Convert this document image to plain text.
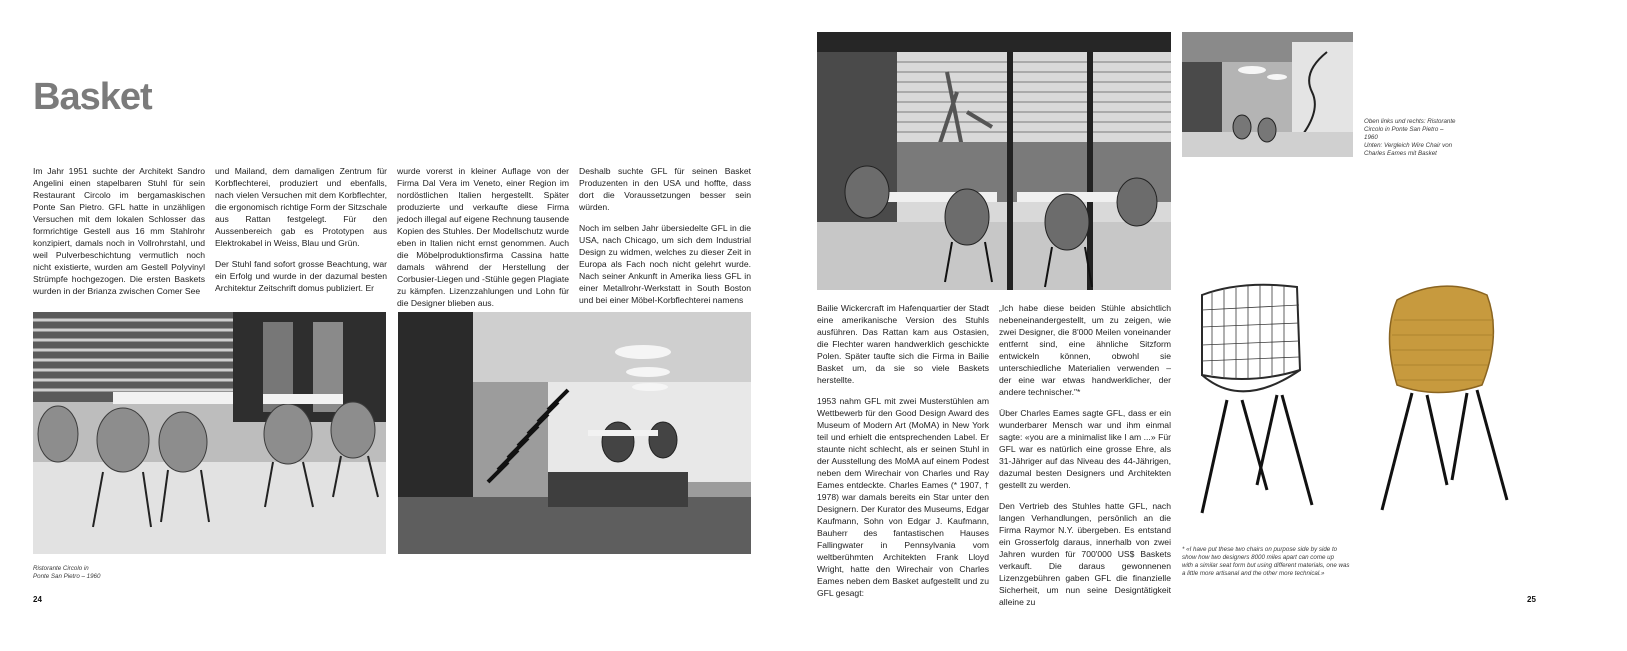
Basket

Im Jahr 1951 suchte der Architekt Sandro Angelini einen stapelbaren Stuhl für sein Restaurant Circolo im bergamaskischen Ponte San Pietro. GFL hatte in unzähligen Versuchen mit dem lokalen Schlosser das formrichtige Gestell aus 16 mm Stahlrohr konzipiert, damals noch in Vollrohrstahl, und weil Pulverbeschichtung vermutlich noch nicht existierte, wurden am Gestell Polyvinyl Strümpfe hochgezogen. Die ersten Baskets wurden in der Brianza zwischen Comer See

und Mailand, dem damaligen Zentrum für Korbflechterei, produziert und ebenfalls, nach vielen Versuchen mit dem Korbflechter, die ergonomisch richtige Form der Sitzschale aus Rattan festgelegt. Für den Aussenbereich gab es Prototypen aus Elektrokabel in Weiss, Blau und Grün.

Der Stuhl fand sofort grosse Beachtung, war ein Erfolg und wurde in der dazumal besten Architektur Zeitschrift domus publiziert. Er

wurde vorerst in kleiner Auflage von der Firma Dal Vera im Veneto, einer Region im nordöstlichen Italien hergestellt. Später produzierte und verkaufte diese Firma jedoch illegal auf eigene Rechnung tausende Kopien des Stuhles. Der Modellschutz wurde eben in Italien nicht ernst genommen. Auch die Möbelproduktionsfirma Cassina hatte damals während der Herstellung der Corbusier-Liegen und -Stühle gegen Plagiate zu kämpfen. Lizenzzahlungen und Lohn für die Designer blieben aus.

Deshalb suchte GFL für seinen Basket Produzenten in den USA und hoffte, dass dort die Voraussetzungen besser sein würden.

Noch im selben Jahr übersiedelte GFL in die USA, nach Chicago, um sich dem Industrial Design zu widmen, welches zu dieser Zeit in Europa als Fach noch nicht gelehrt wurde. Nach seiner Ankunft in Amerika liess GFL in einer Metallrohr-Werkstatt in South Boston und bei einer Möbel-Korbflechterei namens

Ristorante Circolo in
Ponte San Pietro – 1960
24
Oben links und rechts: Ristorante
Circolo in Ponte San Pietro –
1960
Unten: Vergleich Wire Chair von
Charles Eames mit Basket

Bailie Wickercraft im Hafenquartier der Stadt eine amerikanische Version des Stuhls ausführen. Das Rattan kam aus Ostasien, die Flechter waren handwerklich geschickte Polen. Später taufte sich die Firma in Bailie Basket um, da sie so viele Baskets herstellte.

1953 nahm GFL mit zwei Musterstühlen am Wettbewerb für den Good Design Award des Museum of Modern Art (MoMA) in New York teil und erhielt die entsprechenden Label. Er staunte nicht schlecht, als er seinen Stuhl in der Ausstellung des MoMA auf einem Podest neben dem Wirechair von Charles und Ray Eames entdeckte. Charles Eames (* 1907, † 1978) war damals bereits ein Star unter den Designern. Der Kurator des Museums, Edgar Kaufmann, Sohn von Edgar J. Kaufmann, Bauherr des fantastischen Hauses Fallingwater in Pennsylvania vom weltberühmten Architekten Frank Lloyd Wright, hatte den Wirechair von Charles Eames neben dem Basket aufgestellt und zu GFL gesagt:

„Ich habe diese beiden Stühle absichtlich nebeneinandergestellt, um zu zeigen, wie zwei Designer, die 8'000 Meilen voneinander entfernt sind, eine ähnliche Sitzform entwickeln können, obwohl sie unterschiedliche Materialien verwenden – der eine war etwas handwerklicher, der andere technischer."*

Über Charles Eames sagte GFL, dass er ein wunderbarer Mensch war und ihm einmal sagte: «you are a minimalist like I am ...» Für GFL war es natürlich eine grosse Ehre, als 31-Jähriger auf das Niveau des 44-Jährigen, dazumal besten Designers und Architekten gestellt zu werden.

Den Vertrieb des Stuhles hatte GFL, nach langen Verhandlungen, persönlich an die Firma Raymor N.Y. übergeben. Es entstand ein Grosserfolg daraus, innerhalb von zwei Jahren wurden für 700'000 US$ Baskets verkauft. Die daraus gewonnenen Lizenzgebühren gaben GFL die finanzielle Sicherheit, um nun seine Designtätigkeit alleine zu

* «I have put these two chairs on purpose side by side to
show how two designers 8000 miles apart can come up
with a similar seat form but using different materials, one was
a little more artisanal and the other more technical.»
25
